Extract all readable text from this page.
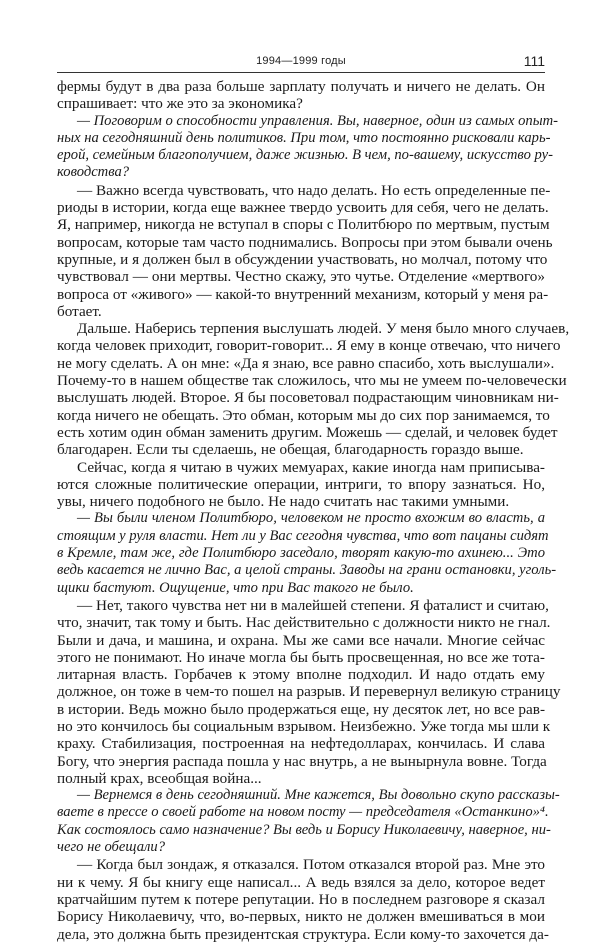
1994—1999 годы	111
фермы будут в два раза больше зарплату получать и ничего не делать. Он
спрашивает: что же это за экономика?
— Поговорим о способности управления. Вы, наверное, один из самых опыт-
ных на сегодняшний день политиков. При том, что постоянно рисковали карь-
ерой, семейным благополучием, даже жизнью. В чем, по-вашему, искусство ру-
ководства?
— Важно всегда чувствовать, что надо делать. Но есть определенные пе-
риоды в истории, когда еще важнее твердо усвоить для себя, чего не делать.
Я, например, никогда не вступал в споры с Политбюро по мертвым, пустым
вопросам, которые там часто поднимались. Вопросы при этом бывали очень
крупные, и я должен был в обсуждении участвовать, но молчал, потому что
чувствовал — они мертвы. Честно скажу, это чутье. Отделение «мертвого»
вопроса от «живого» — какой-то внутренний механизм, который у меня ра-
ботает.
Дальше. Наберись терпения выслушать людей. У меня было много случаев,
когда человек приходит, говорит-говорит... Я ему в конце отвечаю, что ничего
не могу сделать. А он мне: «Да я знаю, все равно спасибо, хоть выслушали».
Почему-то в нашем обществе так сложилось, что мы не умеем по-человечески
выслушать людей. Второе. Я бы посоветовал подрастающим чиновникам ни-
когда ничего не обещать. Это обман, которым мы до сих пор занимаемся, то
есть хотим один обман заменить другим. Можешь — сделай, и человек будет
благодарен. Если ты сделаешь, не обещая, благодарность гораздо выше.
Сейчас, когда я читаю в чужих мемуарах, какие иногда нам приписыва-
ются сложные политические операции, интриги, то впору зазнаться. Но,
увы, ничего подобного не было. Не надо считать нас такими умными.
— Вы были членом Политбюро, человеком не просто вхожим во власть, а
стоящим у руля власти. Нет ли у Вас сегодня чувства, что вот пацаны сидят
в Кремле, там же, где Политбюро заседало, творят какую-то ахинею... Это
ведь касается не лично Вас, а целой страны. Заводы на грани остановки, уголь-
щики бастуют. Ощущение, что при Вас такого не было.
— Нет, такого чувства нет ни в малейшей степени. Я фаталист и считаю,
что, значит, так тому и быть. Нас действительно с должности никто не гнал.
Были и дача, и машина, и охрана. Мы же сами все начали. Многие сейчас
этого не понимают. Но иначе могла бы быть просвещенная, но все же тота-
литарная власть. Горбачев к этому вполне подходил. И надо отдать ему
должное, он тоже в чем-то пошел на разрыв. И перевернул великую страницу
в истории. Ведь можно было продержаться еще, ну десяток лет, но все рав-
но это кончилось бы социальным взрывом. Неизбежно. Уже тогда мы шли к
краху. Стабилизация, построенная на нефтедолларах, кончилась. И слава
Богу, что энергия распада пошла у нас внутрь, а не вынырнула вовне. Тогда
полный крах, всеобщая война...
— Вернемся в день сегодняшний. Мне кажется, Вы довольно скупо рассказы-
ваете в прессе о своей работе на новом посту — председателя «Останкино»⁴.
Как состоялось само назначение? Вы ведь и Борису Николаевичу, наверное, ни-
чего не обещали?
— Когда был зондаж, я отказался. Потом отказался второй раз. Мне это
ни к чему. Я бы книгу еще написал... А ведь взялся за дело, которое ведет
кратчайшим путем к потере репутации. Но в последнем разговоре я сказал
Борису Николаевичу, что, во-первых, никто не должен вмешиваться в мои
дела, это должна быть президентская структура. Если кому-то захочется да-
